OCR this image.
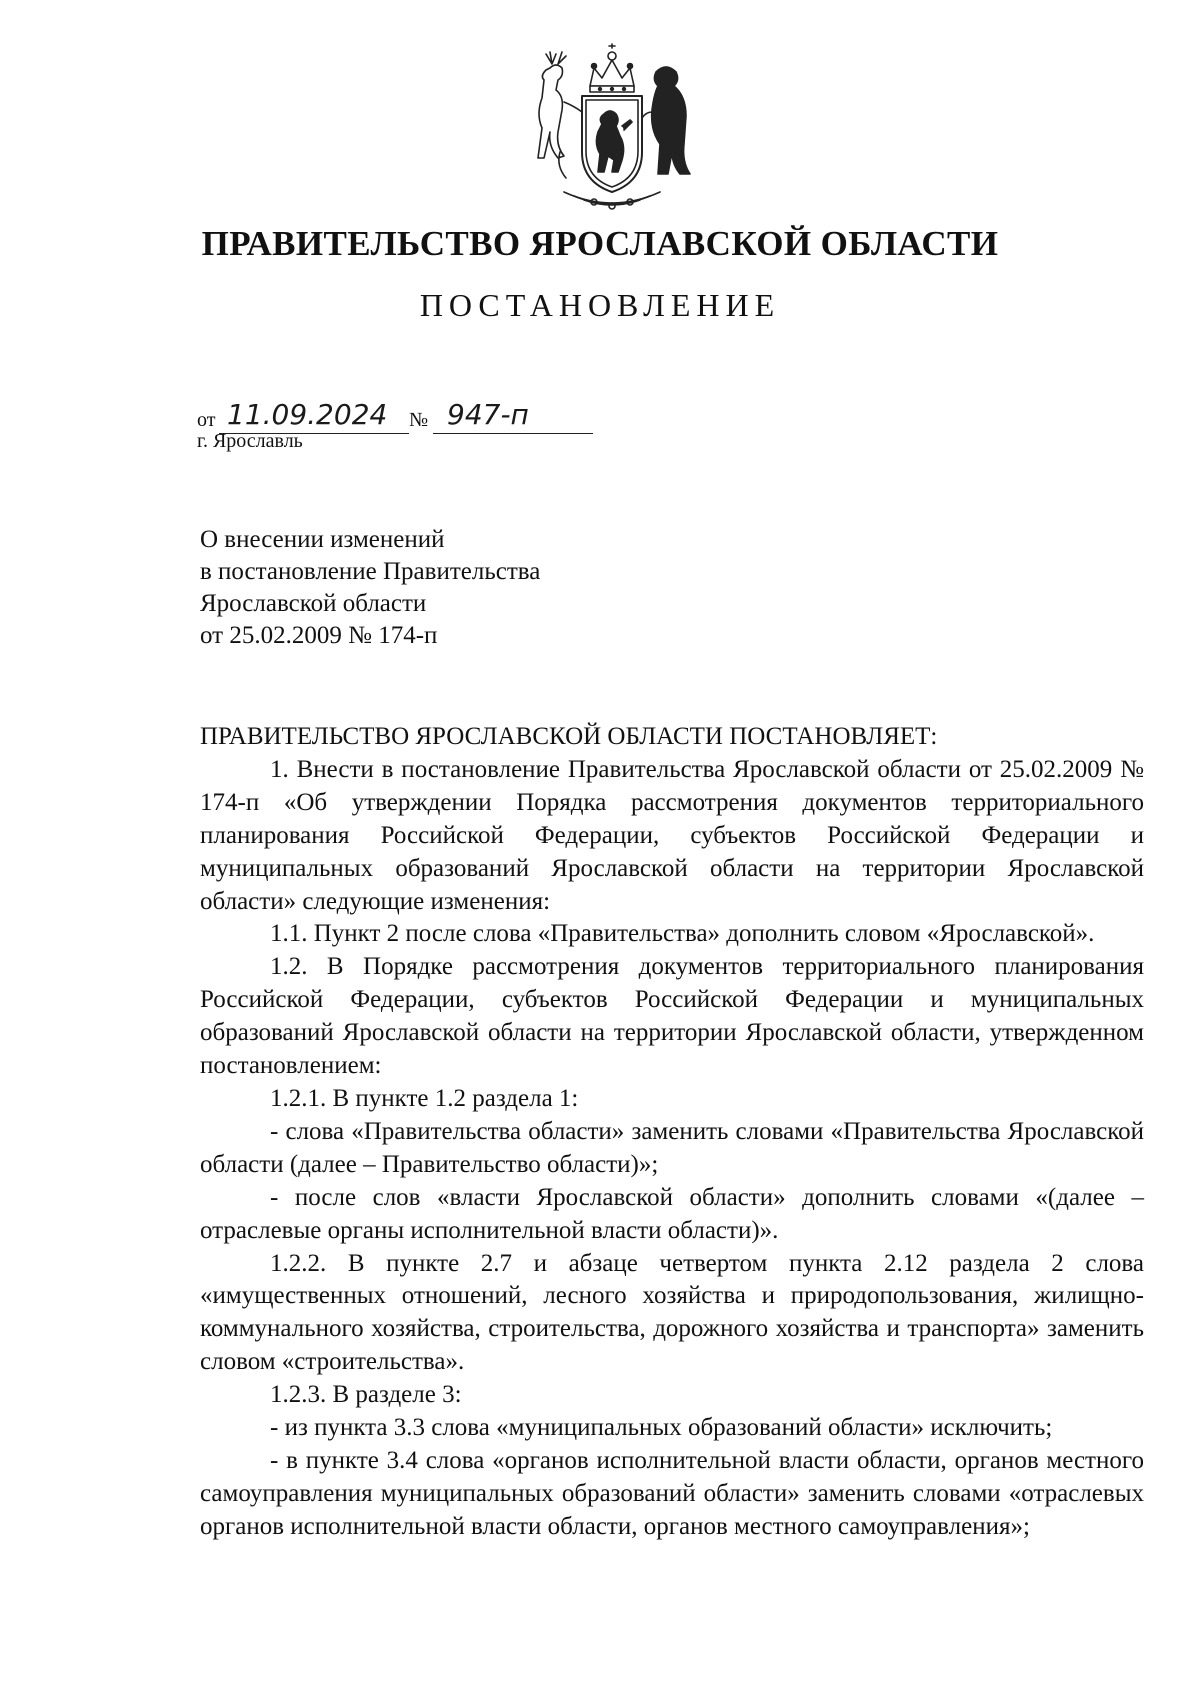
ПРАВИТЕЛЬСТВО ЯРОСЛАВСКОЙ ОБЛАСТИ
ПОСТАНОВЛЕНИЕ
от 11.09.2024 № 947-п
г. Ярославль
О внесении изменений
в постановление Правительства
Ярославской области
от 25.02.2009 № 174-п

ПРАВИТЕЛЬСТВО ЯРОСЛАВСКОЙ ОБЛАСТИ ПОСТАНОВЛЯЕТ:

1. Внести в постановление Правительства Ярославской области от 25.02.2009 № 174-п «Об утверждении Порядка рассмотрения документов территориального планирования Российской Федерации, субъектов Российской Федерации и муниципальных образований Ярославской области на территории Ярославской области» следующие изменения:

1.1. Пункт 2 после слова «Правительства» дополнить словом «Ярославской».

1.2. В Порядке рассмотрения документов территориального планирования Российской Федерации, субъектов Российской Федерации и муниципальных образований Ярославской области на территории Ярославской области, утвержденном постановлением:

1.2.1. В пункте 1.2 раздела 1:

- слова «Правительства области» заменить словами «Правительства Ярославской области (далее – Правительство области)»;

- после слов «власти Ярославской области» дополнить словами «(далее – отраслевые органы исполнительной власти области)».

1.2.2. В пункте 2.7 и абзаце четвертом пункта 2.12 раздела 2 слова «имущественных отношений, лесного хозяйства и природопользования, жилищно-коммунального хозяйства, строительства, дорожного хозяйства и транспорта» заменить словом «строительства».

1.2.3. В разделе 3:

- из пункта 3.3 слова «муниципальных образований области» исключить;

- в пункте 3.4 слова «органов исполнительной власти области, органов местного самоуправления муниципальных образований области» заменить словами «отраслевых органов исполнительной власти области, органов местного самоуправления»;
